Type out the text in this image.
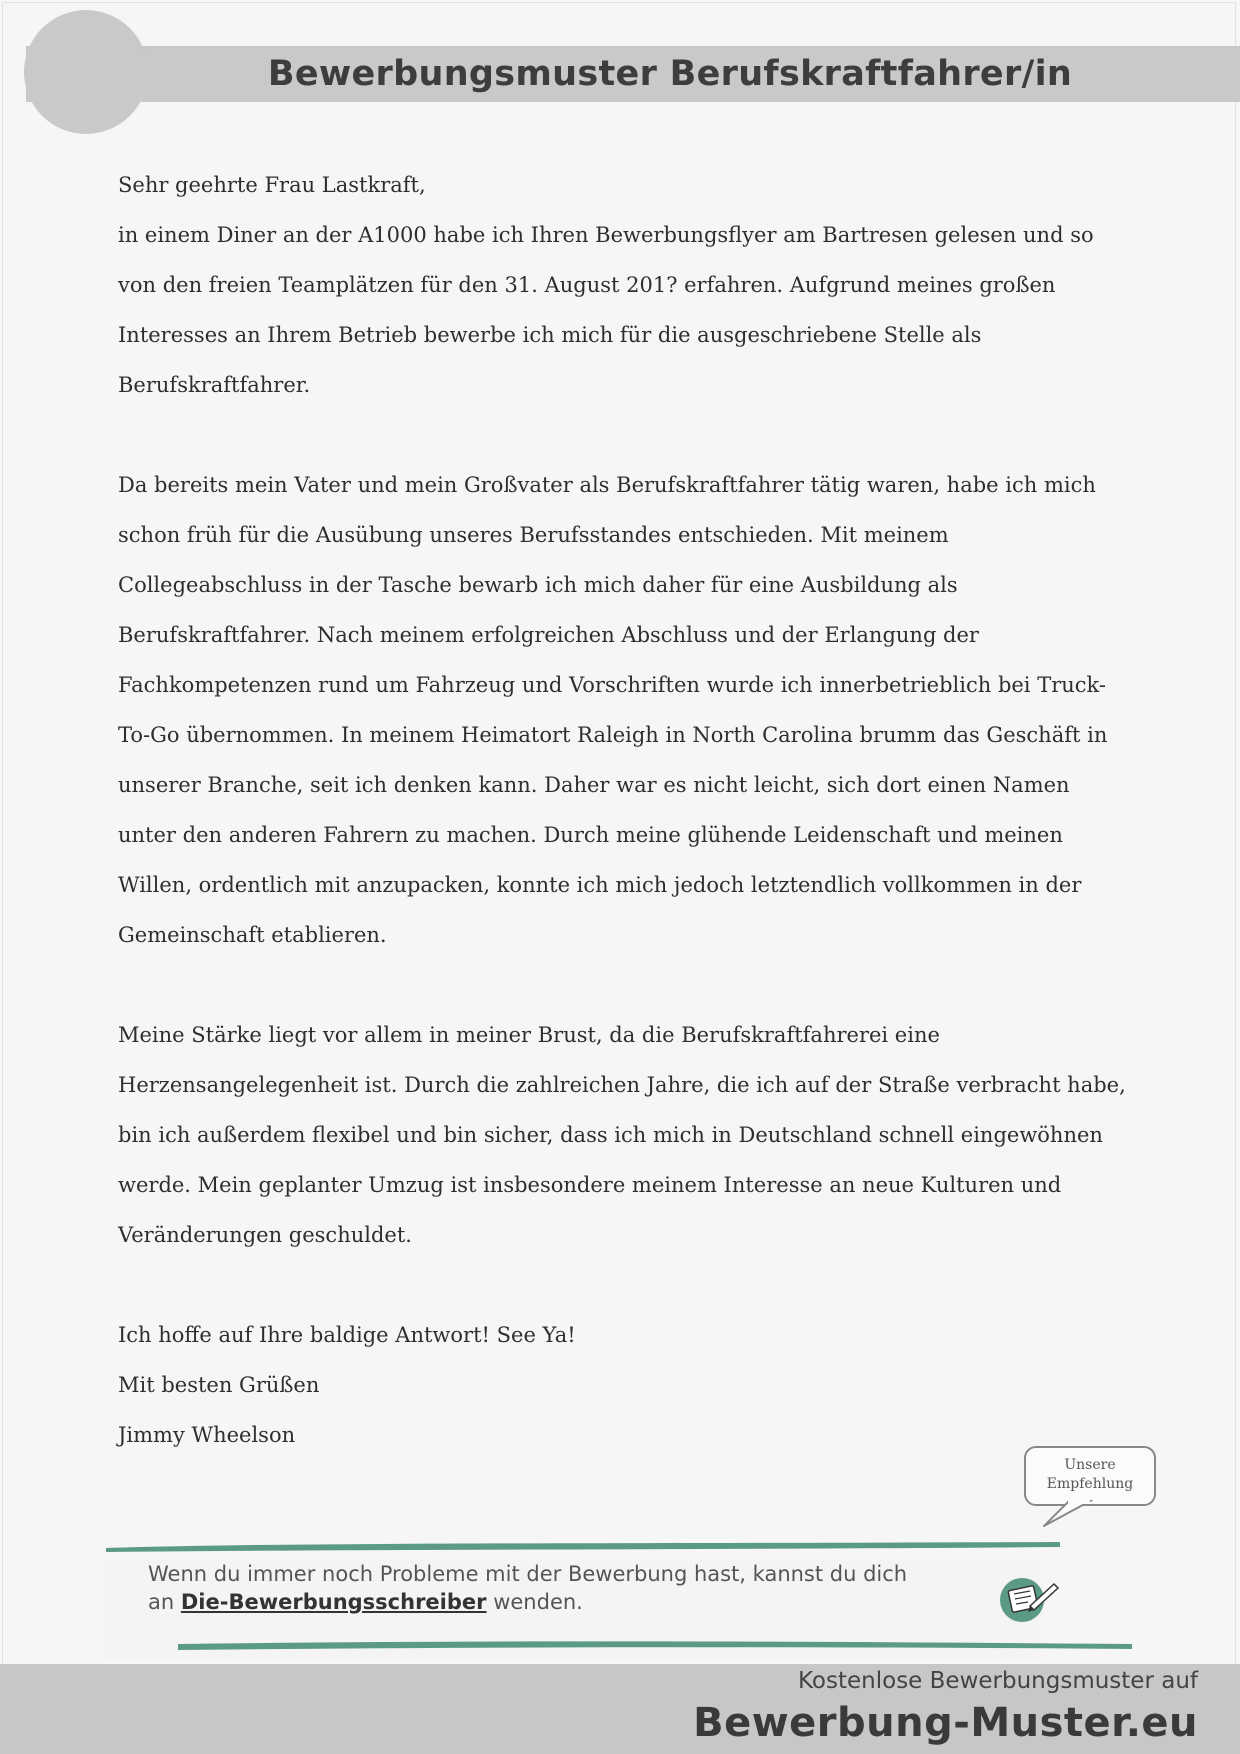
Bewerbungsmuster Berufskraftfahrer/in
Sehr geehrte Frau Lastkraft,
in einem Diner an der A1000 habe ich Ihren Bewerbungsflyer am Bartresen gelesen und so
von den freien Teamplätzen für den 31. August 201? erfahren. Aufgrund meines großen
Interesses an Ihrem Betrieb bewerbe ich mich für die ausgeschriebene Stelle als
Berufskraftfahrer.
Da bereits mein Vater und mein Großvater als Berufskraftfahrer tätig waren, habe ich mich
schon früh für die Ausübung unseres Berufsstandes entschieden. Mit meinem
Collegeabschluss in der Tasche bewarb ich mich daher für eine Ausbildung als
Berufskraftfahrer. Nach meinem erfolgreichen Abschluss und der Erlangung der
Fachkompetenzen rund um Fahrzeug und Vorschriften wurde ich innerbetrieblich bei Truck-
To-Go übernommen. In meinem Heimatort Raleigh in North Carolina brumm das Geschäft in
unserer Branche, seit ich denken kann. Daher war es nicht leicht, sich dort einen Namen
unter den anderen Fahrern zu machen. Durch meine glühende Leidenschaft und meinen
Willen, ordentlich mit anzupacken, konnte ich mich jedoch letztendlich vollkommen in der
Gemeinschaft etablieren.
Meine Stärke liegt vor allem in meiner Brust, da die Berufskraftfahrerei eine
Herzensangelegenheit ist. Durch die zahlreichen Jahre, die ich auf der Straße verbracht habe,
bin ich außerdem flexibel und bin sicher, dass ich mich in Deutschland schnell eingewöhnen
werde. Mein geplanter Umzug ist insbesondere meinem Interesse an neue Kulturen und
Veränderungen geschuldet.
Ich hoffe auf Ihre baldige Antwort! See Ya!
Mit besten Grüßen
Jimmy Wheelson
Unsere
Empfehlung
Wenn du immer noch Probleme mit der Bewerbung hast, kannst du dich
an Die-Bewerbungsschreiber wenden.
Kostenlose Bewerbungsmuster auf
Bewerbung-Muster.eu
